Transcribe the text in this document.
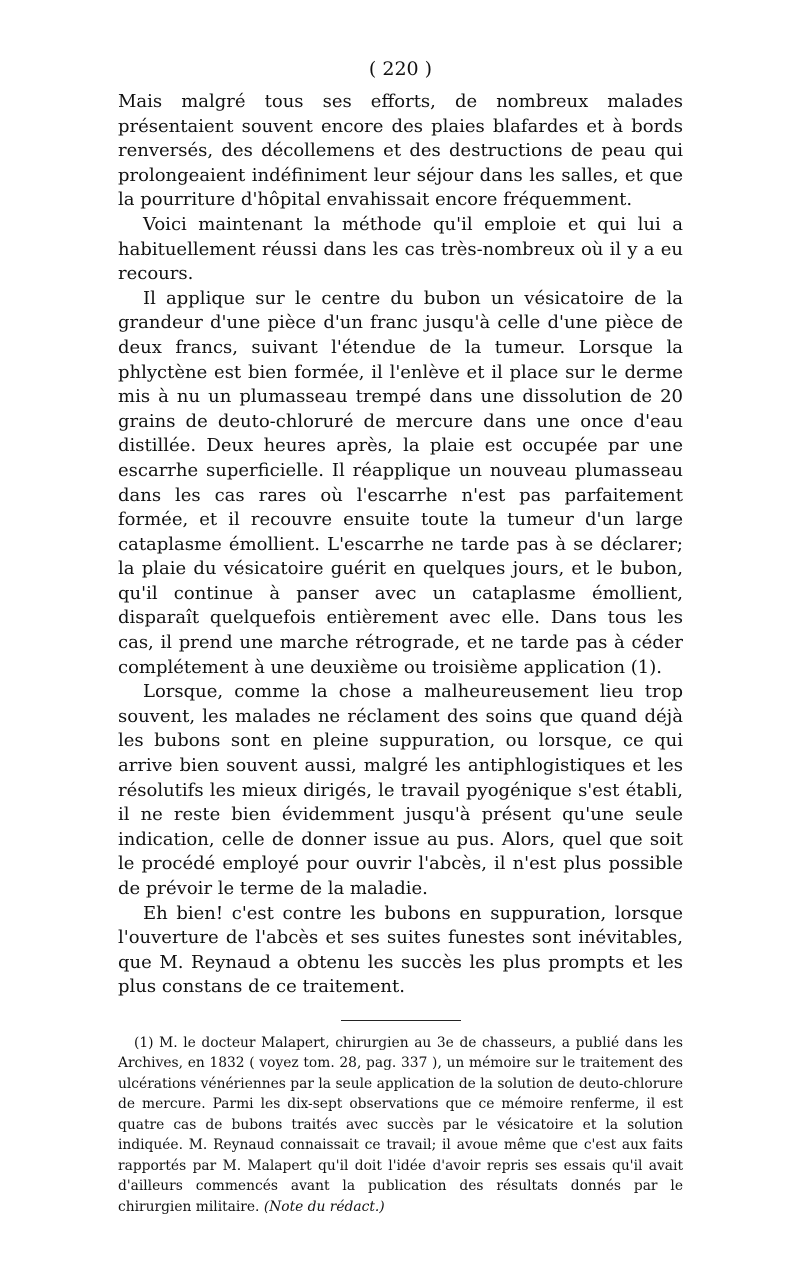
( 220 )

Mais malgré tous ses efforts, de nombreux malades présentaient souvent encore des plaies blafardes et à bords renversés, des décollemens et des destructions de peau qui prolongeaient indéfiniment leur séjour dans les salles, et que la pourriture d'hôpital envahissait encore fréquemment.

Voici maintenant la méthode qu'il emploie et qui lui a habituellement réussi dans les cas très-nombreux où il y a eu recours.

Il applique sur le centre du bubon un vésicatoire de la grandeur d'une pièce d'un franc jusqu'à celle d'une pièce de deux francs, suivant l'étendue de la tumeur. Lorsque la phlyctène est bien formée, il l'enlève et il place sur le derme mis à nu un plumasseau trempé dans une dissolution de 20 grains de deuto-chloruré de mercure dans une once d'eau distillée. Deux heures après, la plaie est occupée par une escarrhe superficielle. Il réapplique un nouveau plumasseau dans les cas rares où l'escarrhe n'est pas parfaitement formée, et il recouvre ensuite toute la tumeur d'un large cataplasme émollient. L'escarrhe ne tarde pas à se déclarer; la plaie du vésicatoire guérit en quelques jours, et le bubon, qu'il continue à panser avec un cataplasme émollient, disparaît quelquefois entièrement avec elle. Dans tous les cas, il prend une marche rétrograde, et ne tarde pas à céder complétement à une deuxième ou troisième application (1).

Lorsque, comme la chose a malheureusement lieu trop souvent, les malades ne réclament des soins que quand déjà les bubons sont en pleine suppuration, ou lorsque, ce qui arrive bien souvent aussi, malgré les antiphlogistiques et les résolutifs les mieux dirigés, le travail pyogénique s'est établi, il ne reste bien évidemment jusqu'à présent qu'une seule indication, celle de donner issue au pus. Alors, quel que soit le procédé employé pour ouvrir l'abcès, il n'est plus possible de prévoir le terme de la maladie.

Eh bien! c'est contre les bubons en suppuration, lorsque l'ouverture de l'abcès et ses suites funestes sont inévitables, que M. Reynaud a obtenu les succès les plus prompts et les plus constans de ce traitement.

(1) M. le docteur Malapert, chirurgien au 3e de chasseurs, a publié dans les Archives, en 1832 ( voyez tom. 28, pag. 337 ), un mémoire sur le traitement des ulcérations vénériennes par la seule application de la solution de deuto-chlorure de mercure. Parmi les dix-sept observations que ce mémoire renferme, il est quatre cas de bubons traités avec succès par le vésicatoire et la solution indiquée. M. Reynaud connaissait ce travail; il avoue même que c'est aux faits rapportés par M. Malapert qu'il doit l'idée d'avoir repris ses essais qu'il avait d'ailleurs commencés avant la publication des résultats donnés par le chirurgien militaire. (Note du rédact.)
